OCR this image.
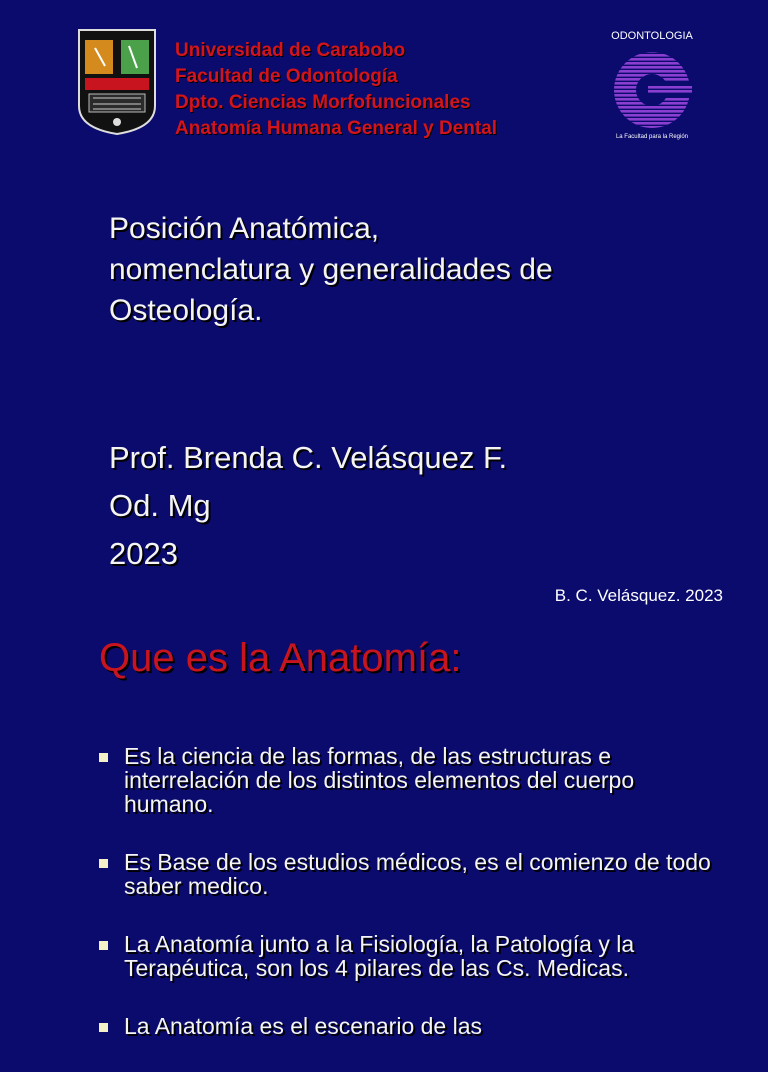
Universidad de Carabobo
Facultad de Odontología
Dpto. Ciencias Morfofuncionales
Anatomía Humana General y Dental
ODONTOLOGIA
La Facultad para la Región
Posición Anatómica,
nomenclatura y generalidades de
Osteología.
Prof. Brenda C. Velásquez F.
Od. Mg
2023
B. C. Velásquez. 2023
Que es la Anatomía:
Es la ciencia de las formas, de las estructuras e interrelación de los distintos elementos del cuerpo humano.
Es Base de los estudios médicos, es el comienzo de todo saber medico.
La Anatomía junto a la Fisiología, la Patología y la Terapéutica, son los 4 pilares de las Cs. Medicas.
La Anatomía es el escenario de las
